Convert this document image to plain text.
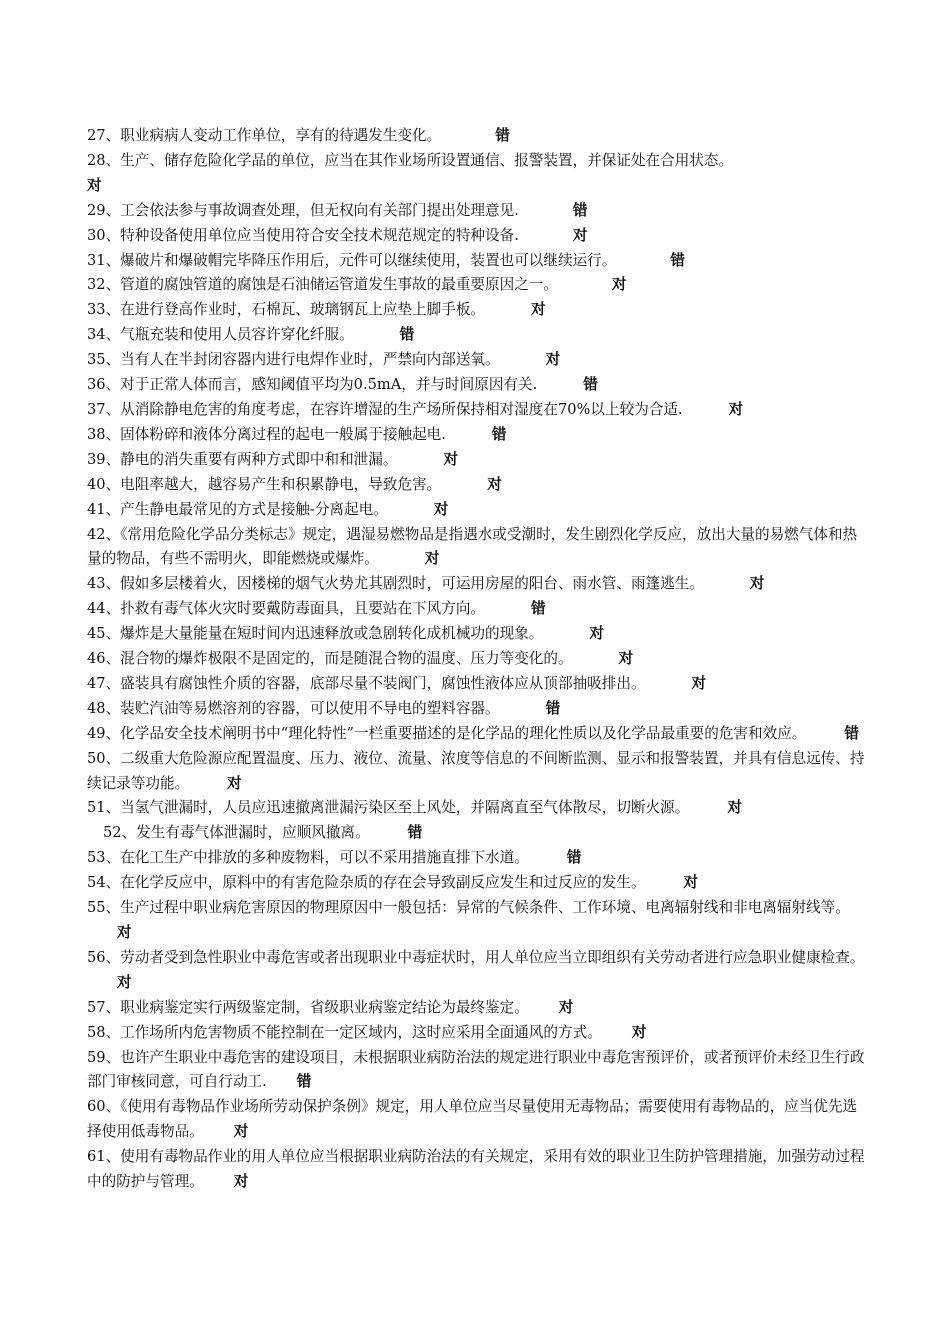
27、职业病病人变动工作单位，享有的待遇发生变化。	错

28、生产、储存危险化学品的单位，应当在其作业场所设置通信、报警装置，并保证处在合用状态。
对

29、工会依法参与事故调查处理，但无权向有关部门提出处理意见.	错

30、特种设备使用单位应当使用符合安全技术规范规定的特种设备.	对

31、爆破片和爆破帽完毕降压作用后，元件可以继续使用，装置也可以继续运行。	错

32、管道的腐蚀管道的腐蚀是石油储运管道发生事故的最重要原因之一。	对

33、在进行登高作业时，石棉瓦、玻璃钢瓦上应垫上脚手板。	对

34、气瓶充装和使用人员容许穿化纤服。	错

35、当有人在半封闭容器内进行电焊作业时，严禁向内部送氧。	对

36、对于正常人体而言，感知阈值平均为0.5mA，并与时间原因有关.	错

37、从消除静电危害的角度考虑，在容许增湿的生产场所保持相对湿度在70%以上较为合适.	对

38、固体粉碎和液体分离过程的起电一般属于接触起电.	错

39、静电的消失重要有两种方式即中和和泄漏。	对

40、电阻率越大，越容易产生和积累静电，导致危害。	对

41、产生静电最常见的方式是接触-分离起电。	对

42、《常用危险化学品分类标志》规定，遇湿易燃物品是指遇水或受潮时，发生剧烈化学反应，放出大量的易燃气体和热量的物品，有些不需明火，即能燃烧或爆炸。	对

43、假如多层楼着火，因楼梯的烟气火势尤其剧烈时，可运用房屋的阳台、雨水管、雨篷逃生。	对

44、扑救有毒气体火灾时要戴防毒面具，且要站在下风方向。	错

45、爆炸是大量能量在短时间内迅速释放或急剧转化成机械功的现象。	对

46、混合物的爆炸极限不是固定的，而是随混合物的温度、压力等变化的。	对

47、盛装具有腐蚀性介质的容器，底部尽量不装阀门，腐蚀性液体应从顶部抽吸排出。	对

48、装贮汽油等易燃溶剂的容器，可以使用不导电的塑料容器。	错

49、化学品安全技术阐明书中“理化特性”一栏重要描述的是化学品的理化性质以及化学品最重要的危害和效应。	错

50、二级重大危险源应配置温度、压力、液位、流量、浓度等信息的不间断监测、显示和报警装置，并具有信息远传、持续记录等功能。	对

51、当氢气泄漏时，人员应迅速撤离泄漏污染区至上风处，并隔离直至气体散尽，切断火源。	对

52、发生有毒气体泄漏时，应顺风撤离。	错

53、在化工生产中排放的多种废物料，可以不采用措施直排下水道。	错

54、在化学反应中，原料中的有害危险杂质的存在会导致副反应发生和过反应的发生。	对

55、生产过程中职业病危害原因的物理原因中一般包括：异常的气候条件、工作环境、电离辐射线和非电离辐射线等。对

56、劳动者受到急性职业中毒危害或者出现职业中毒症状时，用人单位应当立即组织有关劳动者进行应急职业健康检查。对

57、职业病鉴定实行两级鉴定制，省级职业病鉴定结论为最终鉴定。 对

58、工作场所内危害物质不能控制在一定区域内，这时应采用全面通风的方式。 对

59、也许产生职业中毒危害的建设项目，未根据职业病防治法的规定进行职业中毒危害预评价，或者预评价未经卫生行政部门审核同意，可自行动工. 错

60、《使用有毒物品作业场所劳动保护条例》规定，用人单位应当尽量使用无毒物品；需要使用有毒物品的，应当优先选择使用低毒物品。 对

61、使用有毒物品作业的用人单位应当根据职业病防治法的有关规定，采用有效的职业卫生防护管理措施，加强劳动过程中的防护与管理。 对
